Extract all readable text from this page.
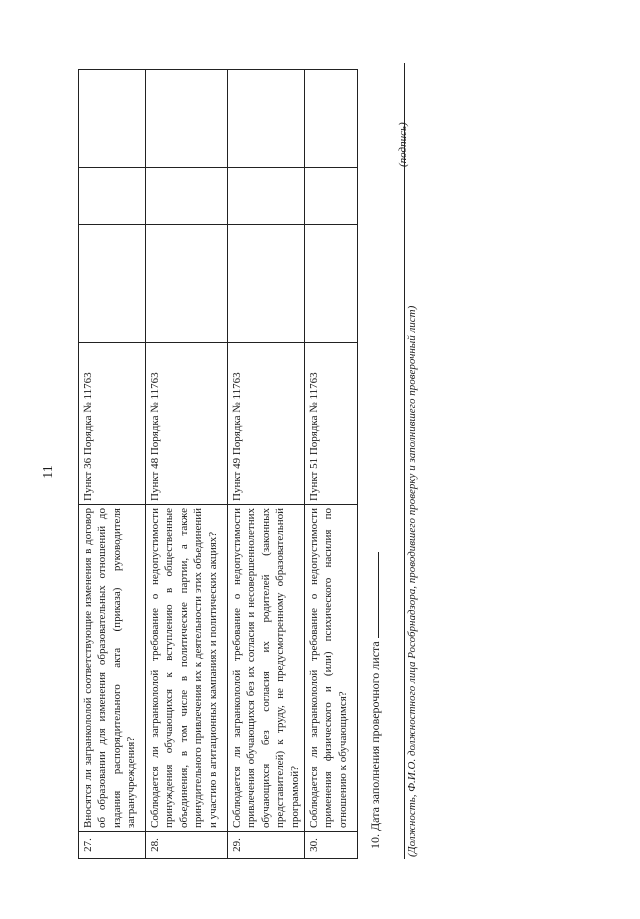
11
27.	Вносятся ли загранкололой соответствующие изменения в договор об образовании для изменения образовательных отношений до издания распорядительного акта (приказа) руководителя загранучреждения?	Пункт 36 Порядка № 11763			
28.	Соблюдается ли загранкололой требование о недопустимости принуждения обучающихся к вступлению в общественные объединения, в том числе в политические партии, а также принудительного привлечения их к деятельности этих объединений и участию в агитационных кампаниях и политических акциях?	Пункт 48 Порядка № 11763			
29.	Соблюдается ли загранкололой требование о недопустимости привлечения обучающихся без их согласия и несовершеннолетних обучающихся без согласия их родителей (законных представителей) к труду, не предусмотренному образовательной программой?	Пункт 49 Порядка № 11763			
30.	Соблюдается ли загранкололой требование о недопустимости применения физического и (или) психического насилия по отношению к обучающимся?	Пункт 51 Порядка № 11763			
10. Дата заполнения проверочного листа (Должность, Ф.И.О. должностного лица Рособрнадзора, проводившего проверку и заполнившего проверочный лист)
(подпись)
